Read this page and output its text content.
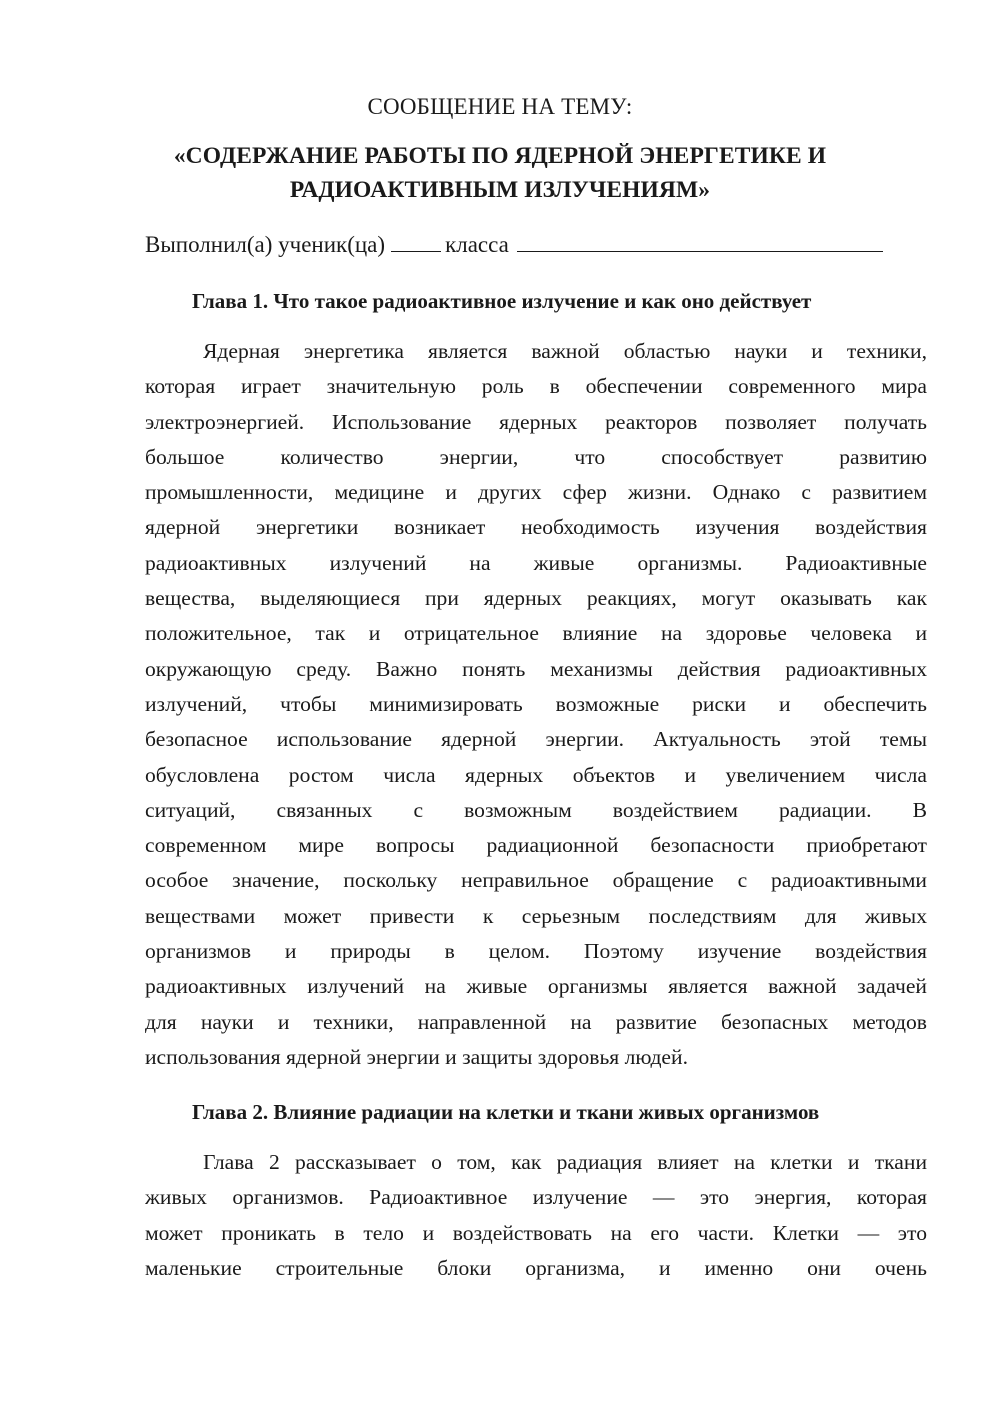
СООБЩЕНИЕ НА ТЕМУ:
«СОДЕРЖАНИЕ РАБОТЫ ПО ЯДЕРНОЙ ЭНЕРГЕТИКЕ И
РАДИОАКТИВНЫМ ИЗЛУЧЕНИЯМ»
Выполнил(а) ученик(ца)	класса
Глава 1. Что такое радиоактивное излучение и как оно действует
Ядерная энергетика является важной областью науки и техники,
которая играет значительную роль в обеспечении современного мира
электроэнергией. Использование ядерных реакторов позволяет получать
большое количество энергии, что способствует развитию
промышленности, медицине и других сфер жизни. Однако с развитием
ядерной энергетики возникает необходимость изучения воздействия
радиоактивных излучений на живые организмы. Радиоактивные
вещества, выделяющиеся при ядерных реакциях, могут оказывать как
положительное, так и отрицательное влияние на здоровье человека и
окружающую среду. Важно понять механизмы действия радиоактивных
излучений, чтобы минимизировать возможные риски и обеспечить
безопасное использование ядерной энергии. Актуальность этой темы
обусловлена ростом числа ядерных объектов и увеличением числа
ситуаций, связанных с возможным воздействием радиации. В
современном мире вопросы радиационной безопасности приобретают
особое значение, поскольку неправильное обращение с радиоактивными
веществами может привести к серьезным последствиям для живых
организмов и природы в целом. Поэтому изучение воздействия
радиоактивных излучений на живые организмы является важной задачей
для науки и техники, направленной на развитие безопасных методов
использования ядерной энергии и защиты здоровья людей.
Глава 2. Влияние радиации на клетки и ткани живых организмов
Глава 2 рассказывает о том, как радиация влияет на клетки и ткани
живых организмов. Радиоактивное излучение — это энергия, которая
может проникать в тело и воздействовать на его части. Клетки — это
маленькие строительные блоки организма, и именно они очень
